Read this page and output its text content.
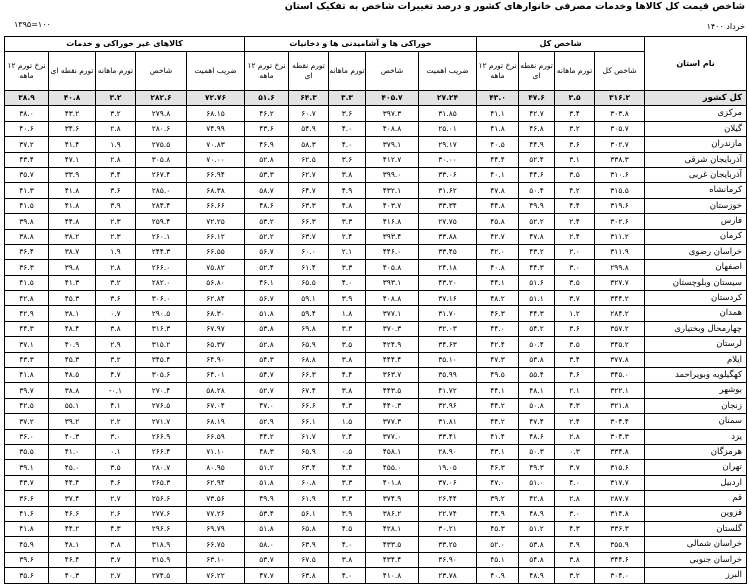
شاخص قیمت کل کالاها وخدمات مصرفی خانوارهای کشور و درصد تغییرات شاخص به تفکیک استان
خرداد ۱۴۰۰
۱۳۹۵=۱۰۰
نام استان	شاخص کل				خوراکی ها و آشامیدنی ها و دخانیات					کالاهای غیر خوراکی و خدمات				
	شاخص کل	تورم ماهانه	تورم نقطه ای	نرخ تورم ۱۲ ماهه	ضریب اهمیت	شاخص	تورم ماهانه	تورم نقطه ای	نرخ تورم ۱۲ ماهه	ضریب اهمیت	شاخص	تورم ماهانه	تورم نقطه ای	نرخ تورم ۱۲ ماهه
کل کشور	۳۱۶.۲	۳.۵	۴۷.۶	۴۳.۰	۲۷.۲۴	۴۰۵.۷	۳.۳	۶۴.۳	۵۱.۶	۷۲.۷۶	۲۸۲.۶	۳.۲	۴۰.۸	۳۸.۹
مرکزی	۳۰۳.۸	۳.۴	۴۲.۷	۴۱.۱	۳۱.۸۵	۳۹۷.۳	۳.۶	۶۰.۷	۴۶.۲	۶۸.۱۵	۲۷۹.۸	۳.۲	۴۳.۲	۳۸.۰
گیلان	۳۰۵.۷	۳.۲	۴۶.۸	۴۱.۸	۲۵.۰۱	۴۰۸.۸	۴.۰	۵۴.۹	۴۳.۶	۷۴.۹۹	۲۸۰.۶	۲.۸	۳۴.۶	۴۰.۶
مازندران	۳۰۲.۷	۳.۶	۴۴.۹	۴۰.۵	۲۹.۱۷	۳۷۹.۱	۴.۰	۵۸.۳	۴۶.۹	۷۰.۸۳	۲۷۵.۵	۱.۹	۴۱.۴	۳۷.۲
آذربایجان شرقی	۳۳۸.۳	۳.۱	۵۲.۴	۴۴.۴	۳۰.۰۰	۴۱۲.۷	۳.۶	۶۲.۵	۵۲.۸	۷۰.۰۰	۳۰۵.۸	۲.۸	۴۷.۱	۴۳.۴
آذربایجان غربی	۳۱۰.۶	۳.۵	۴۴.۶	۴۰.۱	۳۳.۰۶	۳۹۹.۰	۳.۸	۶۲.۷	۵۳.۳	۶۶.۹۴	۲۶۷.۴	۳.۴	۳۳.۹	۳۵.۷
کرمانشاه	۳۱۵.۵	۴.۲	۵۰.۴	۴۷.۸	۳۱.۶۲	۴۳۲.۱	۴.۹	۶۴.۷	۵۸.۷	۶۸.۳۸	۲۸۵.۰	۳.۶	۴۱.۸	۴۱.۳
خوزستان	۳۱۹.۶	۴.۴	۴۹.۹	۴۴.۸	۳۳.۳۴	۴۰۳.۷	۴.۸	۶۳.۳	۴۸.۶	۶۶.۶۶	۲۸۴.۴	۳.۹	۴۱.۸	۴۱.۵
فارس	۳۰۲.۶	۲.۴	۵۲.۲	۴۵.۸	۲۷.۷۵	۴۱۶.۸	۳.۳	۶۶.۳	۵۳.۲	۷۲.۲۵	۲۵۹.۴	۲.۳	۴۴.۸	۳۹.۸
کرمان	۳۱۱.۲	۲.۴	۴۷.۸	۴۲.۷	۳۳.۸۸	۳۹۳.۴	۲.۴	۶۳.۷	۵۲.۲	۶۶.۱۲	۲۶۰.۱	۲.۳	۳۸.۲	۳۸.۸
خراسان رضوی	۳۱۱.۹	۲.۰	۴۳.۲	۴۲.۰	۳۳.۴۵	۴۴۶.۰	۲.۱	۶۰.۰	۵۶.۷	۶۶.۵۵	۲۴۴.۳	۱.۹	۳۸.۷	۳۶.۴
اصفهان	۲۹۹.۸	۳.۰	۴۴.۳	۴۰.۸	۲۴.۱۸	۴۰۵.۸	۳.۳	۶۱.۴	۵۲.۴	۷۵.۸۲	۲۶۶.۰	۲.۸	۳۹.۸	۳۶.۳
سیستان وبلوچستان	۳۲۷.۷	۳.۵	۵۱.۶	۴۴.۱	۴۳.۲۰	۳۹۳.۱	۴.۰	۶۵.۵	۴۶.۱	۵۶.۸۰	۲۸۲.۰	۳.۲	۴۱.۳	۴۱.۵
کردستان	۳۴۴.۲	۳.۷	۵۱.۱	۴۸.۲	۳۷.۱۶	۴۰۸.۸	۳.۹	۵۹.۱	۵۶.۷	۶۲.۸۴	۳۰۶.۰	۳.۶	۴۵.۳	۴۲.۸
همدان	۲۸۴.۲	۱.۲	۴۴.۳	۴۶.۳	۳۱.۷۰	۳۷۷.۱	۱.۸	۵۹.۴	۵۱.۸	۶۸.۳۰	۲۹۰.۵	۰.۷	۳۸.۱	۴۲.۹
چهارمحال وبختیاری	۳۵۷.۲	۳.۶	۵۴.۲	۴۴.۰	۳۲.۰۳	۳۷۰.۳	۳.۳	۶۹.۸	۵۳.۸	۶۷.۹۷	۳۱۶.۳	۳.۸	۴۸.۴	۴۴.۳
لرستان	۳۴۵.۲	۳.۵	۵۰.۴	۴۲.۴	۳۴.۶۳	۴۲۴.۹	۳.۵	۶۵.۹	۵۲.۸	۶۵.۳۷	۳۱۵.۲	۲.۹	۴۰.۹	۳۷.۱
ایلام	۳۷۷.۸	۳.۴	۵۳.۸	۴۷.۳	۳۵.۱۰	۴۴۴.۴	۳.۸	۶۸.۸	۵۴.۳	۶۴.۹۰	۳۴۵.۴	۳.۲	۴۵.۳	۴۳.۳
کهگیلویه وبویراحمد	۳۴۵.۰	۴.۶	۵۵.۴	۴۹.۵	۳۵.۹۹	۳۶۳.۷	۴.۴	۶۶.۳	۵۴.۷	۶۴.۰۱	۳۰۵.۶	۴.۷	۴۸.۵	۴۱.۸
بوشهر	۳۲۲.۱	۲.۱	۴۸.۱	۴۴.۱	۴۱.۷۲	۴۴۳.۵	۳.۸	۶۷.۴	۵۲.۷	۵۸.۲۸	۲۷۰.۴	۰.۱-	۳۸.۸	۳۹.۷
زنجان	۳۲۱.۸	۴.۳	۵۰.۸	۴۴.۲	۳۲.۹۶	۴۴۰.۳	۴.۳	۶۶.۶	۴۷.۰	۶۷.۰۴	۲۷۶.۵	۴.۱	۵۵.۱	۴۲.۵
سمنان	۳۰۴.۴	۲.۴	۴۷.۴	۴۴.۲	۳۱.۸۱	۳۷۷.۳	۱.۵	۶۶.۱	۵۲.۹	۶۸.۱۹	۲۷۱.۷	۲.۲	۳۹.۲	۳۷.۲
یزد	۳۰۴.۳	۲.۸	۴۸.۶	۴۱.۴	۳۳.۴۱	۳۷۷.۰	۲.۴	۶۱.۷	۴۴.۲	۶۶.۵۹	۲۶۶.۹	۳.۰	۴۰.۳	۳۶.۰
هرمزگان	۳۳۴.۸	۰.۳	۵۰.۳	۴۳.۱	۲۸.۹۰	۴۵۸.۱	۰.۵	۶۵.۹	۴۸.۳	۷۱.۱۰	۲۶۶.۴	۰.۱	۴۱.۰	۳۵.۵
تهران	۳۱۵.۶	۳.۷	۴۹.۳	۴۶.۳	۱۹.۰۵	۴۵۵.۰	۴.۴	۶۳.۴	۵۱.۲	۸۰.۹۵	۲۸۰.۷	۳.۵	۴۵.۰	۳۹.۱
اردبیل	۳۱۷.۷	۴.۰	۵۱.۰	۴۷.۰	۳۷.۰۶	۴۰۱.۸	۳.۳	۶۰.۸	۵۱.۸	۶۲.۹۴	۲۶۵.۳	۴.۶	۴۴.۴	۴۳.۷
قم	۲۸۷.۷	۲.۸	۴۲.۸	۳۹.۲	۲۶.۴۴	۳۷۴.۹	۳.۳	۶۱.۹	۴۹.۹	۷۳.۵۶	۲۵۶.۶	۲.۷	۳۷.۴	۳۶.۶
قزوین	۳۱۴.۸	۳.۰	۴۸.۹	۴۴.۹	۲۲.۷۴	۳۸۶.۲	۳.۹	۵۶.۱	۵۳.۴	۷۷.۲۶	۲۷۷.۶	۲.۶	۴۶.۶	۴۱.۶
گلستان	۳۳۶.۳	۴.۳	۵۱.۲	۴۵.۳	۳۰.۲۱	۴۲۸.۱	۴.۵	۶۵.۸	۵۱.۸	۶۹.۷۹	۲۹۶.۶	۴.۳	۴۴.۲	۴۱.۸
خراسان شمالی	۳۵۵.۹	۳.۹	۵۳.۸	۵۲.۰	۳۳.۲۵	۴۳۳.۵	۴.۰	۶۳.۹	۵۸.۰	۶۶.۷۵	۳۱۸.۹	۳.۸	۴۸.۱	۴۵.۹
خراسان جنوبی	۳۴۴.۶	۳.۸	۵۴.۸	۴۵.۱	۳۶.۹۰	۴۳۴.۴	۳.۸	۶۷.۵	۵۳.۷	۶۳.۱۰	۳۱۵.۹	۳.۷	۴۶.۴	۳۹.۶
البرز	۳۰۴.۰	۳.۲	۴۸.۹	۴۰.۹	۲۳.۷۸	۴۱۰.۸	۴.۰	۶۳.۸	۴۷.۷	۷۶.۲۲	۲۷۴.۵	۲.۷	۴۰.۳	۳۵.۶
